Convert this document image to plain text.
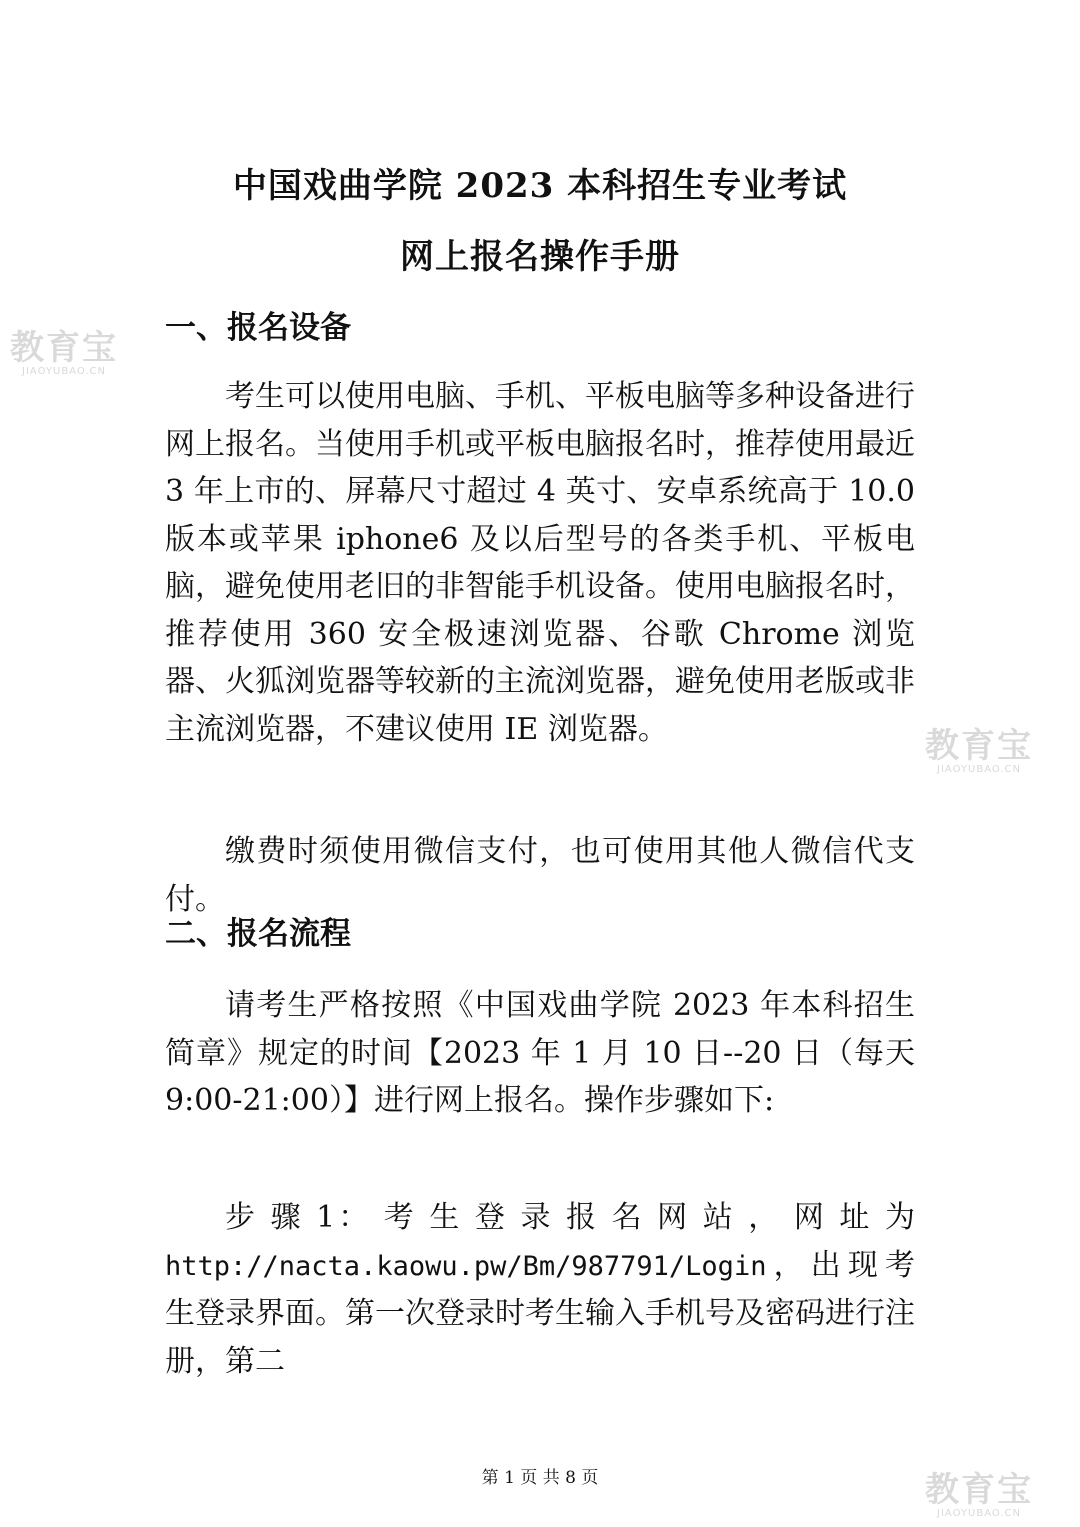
中国戏曲学院 2023 本科招生专业考试
网上报名操作手册
一、报名设备
考生可以使用电脑、手机、平板电脑等多种设备进行网上报名。当使用手机或平板电脑报名时，推荐使用最近 3 年上市的、屏幕尺寸超过 4 英寸、安卓系统高于 10.0 版本或苹果 iphone6 及以后型号的各类手机、平板电脑，避免使用老旧的非智能手机设备。使用电脑报名时，推荐使用 360 安全极速浏览器、谷歌 Chrome 浏览器、火狐浏览器等较新的主流浏览器，避免使用老版或非主流浏览器，不建议使用 IE 浏览器。
缴费时须使用微信支付，也可使用其他人微信代支付。
二、报名流程
请考生严格按照《中国戏曲学院 2023 年本科招生简章》规定的时间【2023 年 1 月 10 日--20 日（每天 9:00-21:00）】进行网上报名。操作步骤如下:
步 骤 1： 考 生 登 录 报 名 网 站 ， 网 址 为http://nacta.kaowu.pw/Bm/987791/Login，出现考生登录界面。第一次登录时考生输入手机号及密码进行注册，第二
第 1 页 共 8 页
教育宝
JIAOYUBAO.CN
教育宝
JIAOYUBAO.CN
教育宝
JIAOYUBAO.CN
